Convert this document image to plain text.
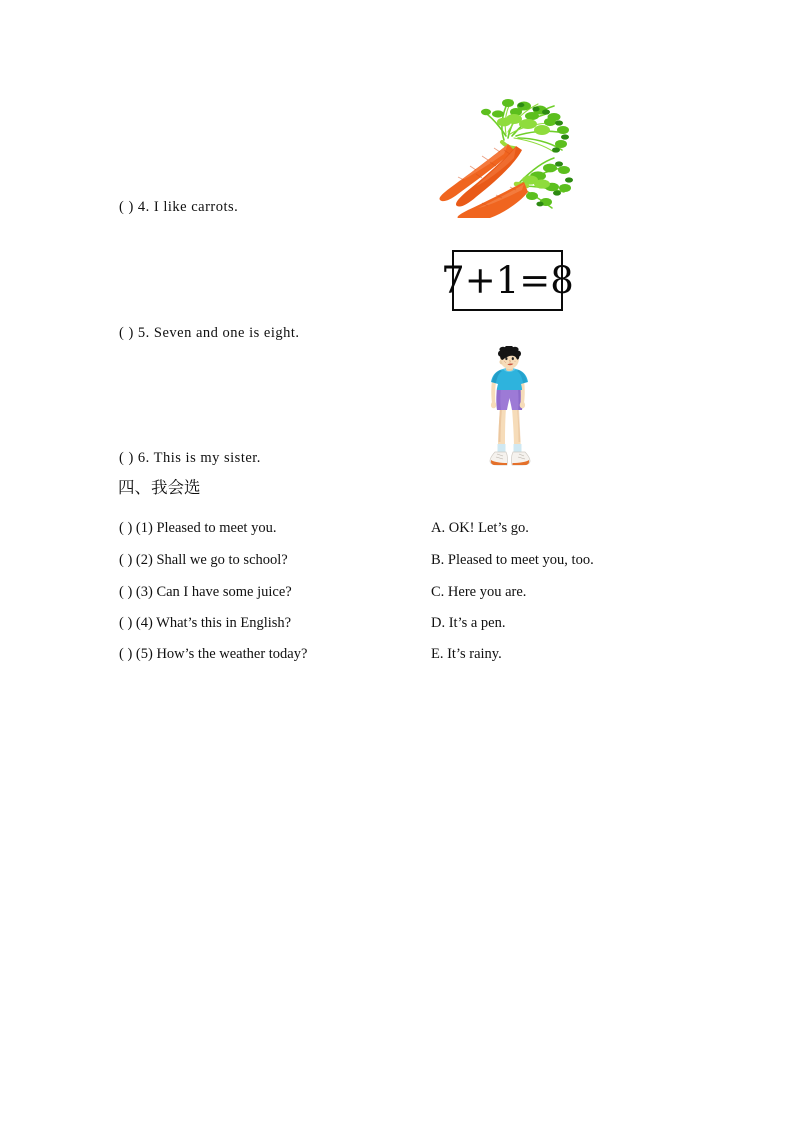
( ) 4. I like carrots.
7+1=8
( ) 5. Seven and one is eight.
( ) 6. This is my sister.
四、我会选
( ) (1) Pleased to meet you.
( ) (2) Shall we go to school?
( ) (3) Can I have some juice?
( ) (4) What’s this in English?
( ) (5) How’s the weather today?
A. OK! Let’s go.
B. Pleased to meet you, too.
C. Here you are.
D. It’s a pen.
E. It’s rainy.
